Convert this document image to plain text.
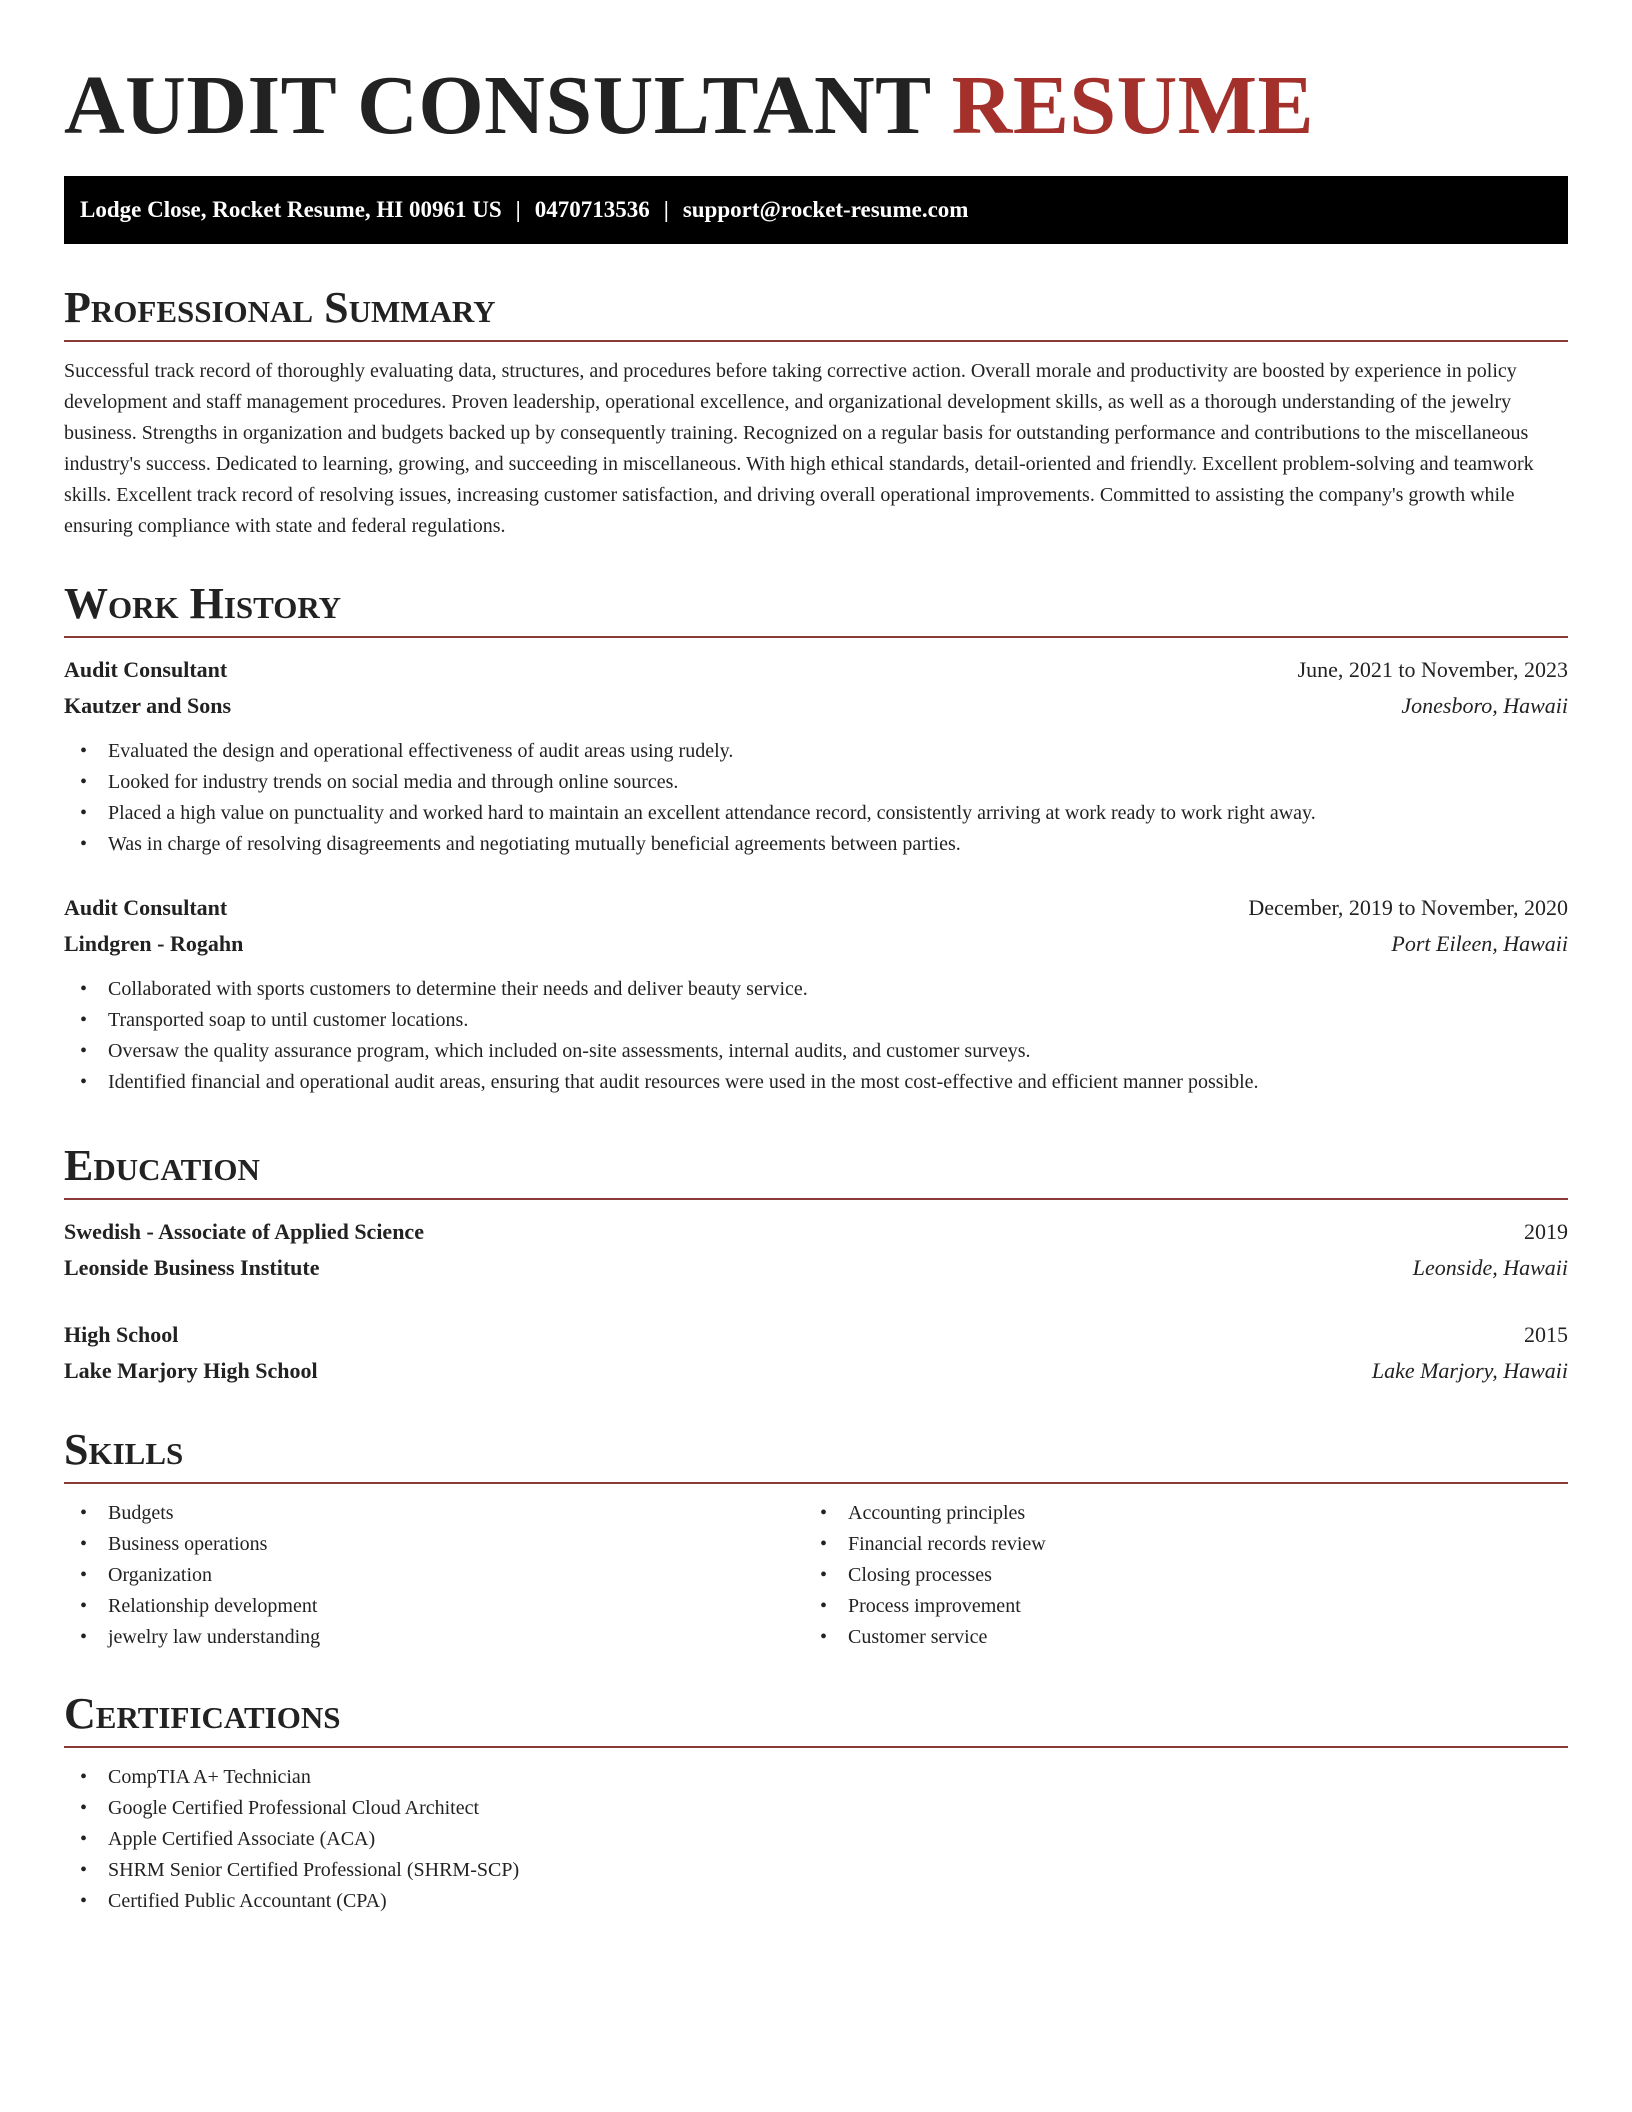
AUDIT CONSULTANT RESUME
Lodge Close, Rocket Resume, HI 00961 US | 0470713536 | support@rocket-resume.com
Professional Summary

Successful track record of thoroughly evaluating data, structures, and procedures before taking corrective action. Overall morale and productivity are boosted by experience in policy development and staff management procedures. Proven leadership, operational excellence, and organizational development skills, as well as a thorough understanding of the jewelry business. Strengths in organization and budgets backed up by consequently training. Recognized on a regular basis for outstanding performance and contributions to the miscellaneous industry's success. Dedicated to learning, growing, and succeeding in miscellaneous. With high ethical standards, detail-oriented and friendly. Excellent problem-solving and teamwork skills. Excellent track record of resolving issues, increasing customer satisfaction, and driving overall operational improvements. Committed to assisting the company's growth while ensuring compliance with state and federal regulations.

Work History
Audit Consultant	June, 2021 to November, 2023
Kautzer and Sons	Jonesboro, Hawaii
• Evaluated the design and operational effectiveness of audit areas using rudely.
• Looked for industry trends on social media and through online sources.
• Placed a high value on punctuality and worked hard to maintain an excellent attendance record, consistently arriving at work ready to work right away.
• Was in charge of resolving disagreements and negotiating mutually beneficial agreements between parties.
Audit Consultant	December, 2019 to November, 2020
Lindgren - Rogahn	Port Eileen, Hawaii
• Collaborated with sports customers to determine their needs and deliver beauty service.
• Transported soap to until customer locations.
• Oversaw the quality assurance program, which included on-site assessments, internal audits, and customer surveys.
• Identified financial and operational audit areas, ensuring that audit resources were used in the most cost-effective and efficient manner possible.
Education
Swedish - Associate of Applied Science	2019
Leonside Business Institute	Leonside, Hawaii
High School	2015
Lake Marjory High School	Lake Marjory, Hawaii
Skills
• Budgets
• Business operations
• Organization
• Relationship development
• jewelry law understanding
• Accounting principles
• Financial records review
• Closing processes
• Process improvement
• Customer service
Certifications
• CompTIA A+ Technician
• Google Certified Professional Cloud Architect
• Apple Certified Associate (ACA)
• SHRM Senior Certified Professional (SHRM-SCP)
• Certified Public Accountant (CPA)
